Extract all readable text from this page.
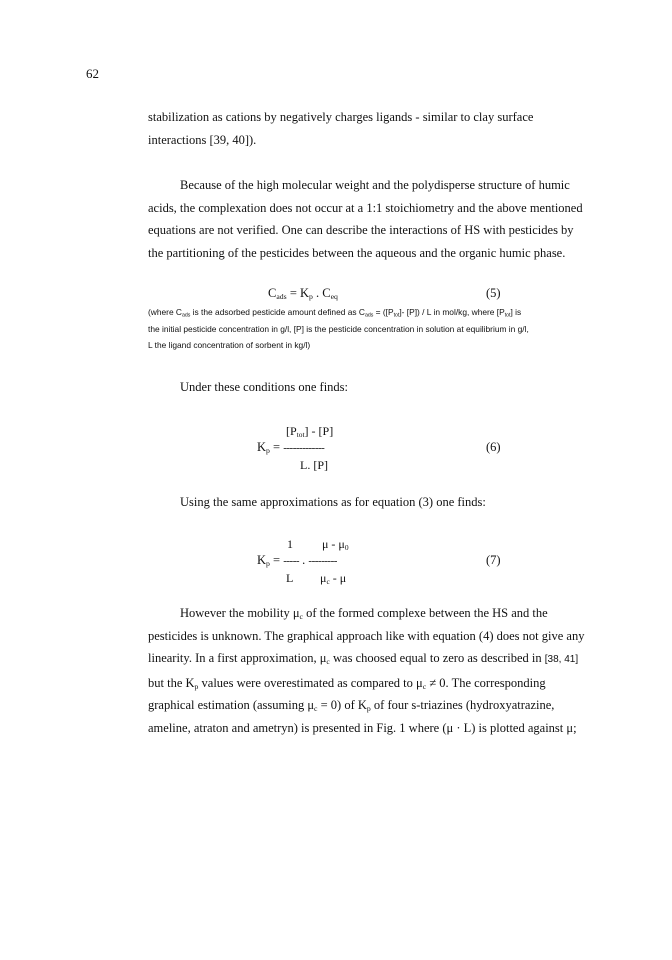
62
stabilization as cations by negatively charges ligands - similar to clay surface
interactions [39, 40]).
Because of the high molecular weight and the polydisperse structure of humic
acids, the complexation does not occur at a 1:1 stoichiometry and the above mentioned
equations are not verified. One can describe the interactions of HS with pesticides by
the partitioning of the pesticides between the aqueous and the organic humic phase.
$C_{ads} = K_p$ . $C_{eq}$	(5)
(where $C_{ads}$ is the adsorbed pesticide amount defined as $C_{ads} = ([P_{tot}]-$ [P]) / L in mol/kg, where $[P_{tot}]$ is
the initial pesticide concentration in g/l, [P] is the pesticide concentration in solution at equilibrium in g/l,
L the ligand concentration of sorbent in kg/l)
Under these conditions one finds:
$[P_{tot}] - [P]$
$K_p$ = -------------
L. [P]
(6)
Using the same approximations as for equation (3) one finds:
1 μ - $\mu_0$
$K_p$ = ----- . ---------
L $\mu_c$ - μ
(7)
However the mobility $\mu_c$ of the formed complexe between the HS and the
pesticides is unknown. The graphical approach like with equation (4) does not give any
linearity. In a first approximation, $\mu_c$ was choosed equal to zero as described in [38, 41]
but the $K_p$ values were overestimated as compared to $\mu_c \ne 0$. The corresponding
graphical estimation (assuming $\mu_c = 0$) of $K_p$ of four s-triazines (hydroxyatrazine,
ameline, atraton and ametryn) is presented in Fig. 1 where (μ · L) is plotted against μ;
